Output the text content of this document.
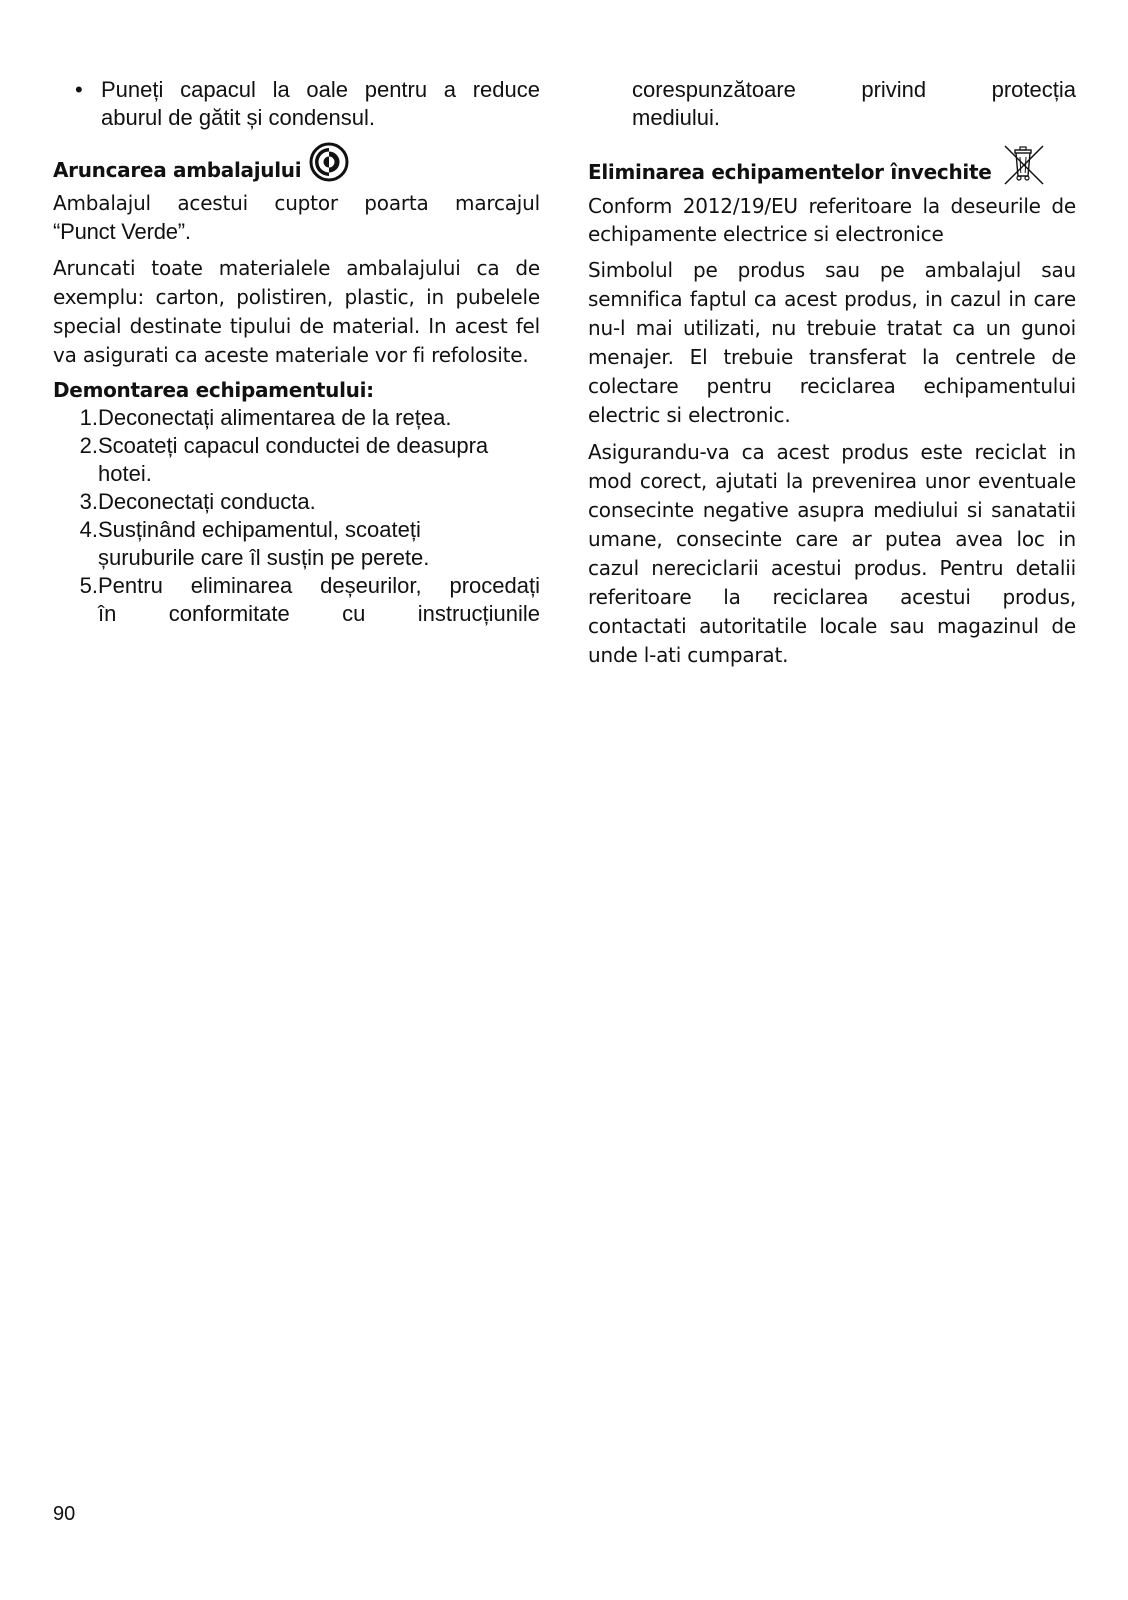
• Puneți capacul la oale pentru a reduce
aburul de gătit și condensul.
Aruncarea ambalajului
Ambalajul acestui cuptor poarta marcajul
“Punct Verde”.

Aruncati toate materialele ambalajului ca de exemplu: carton, polistiren, plastic, in pubelele special destinate tipului de material. In acest fel va asigurati ca aceste materiale vor fi refolosite.

Demontarea echipamentului:
1. Deconectați alimentarea de la rețea.
2. Scoateți capacul conductei de deasupra hotei.
3. Deconectați conducta.
4. Susținând echipamentul, scoateți șuruburile care îl susțin pe perete.
5. Pentru eliminarea deșeurilor, procedați
în conformitate cu instrucțiunile
corespunzătoare privind protecția
mediului.
Eliminarea echipamentelor învechite

Conform 2012/19/EU referitoare la deseurile de echipamente electrice si electronice

Simbolul pe produs sau pe ambalajul sau semnifica faptul ca acest produs, in cazul in care nu-l mai utilizati, nu trebuie tratat ca un gunoi menajer. El trebuie transferat la centrele de colectare pentru reciclarea echipamentului electric si electronic.

Asigurandu-va ca acest produs este reciclat in mod corect, ajutati la prevenirea unor eventuale consecinte negative asupra mediului si sanatatii umane, consecinte care ar putea avea loc in cazul nereciclarii acestui produs. Pentru detalii referitoare la reciclarea acestui produs, contactati autoritatile locale sau magazinul de unde l-ati cumparat.

90
